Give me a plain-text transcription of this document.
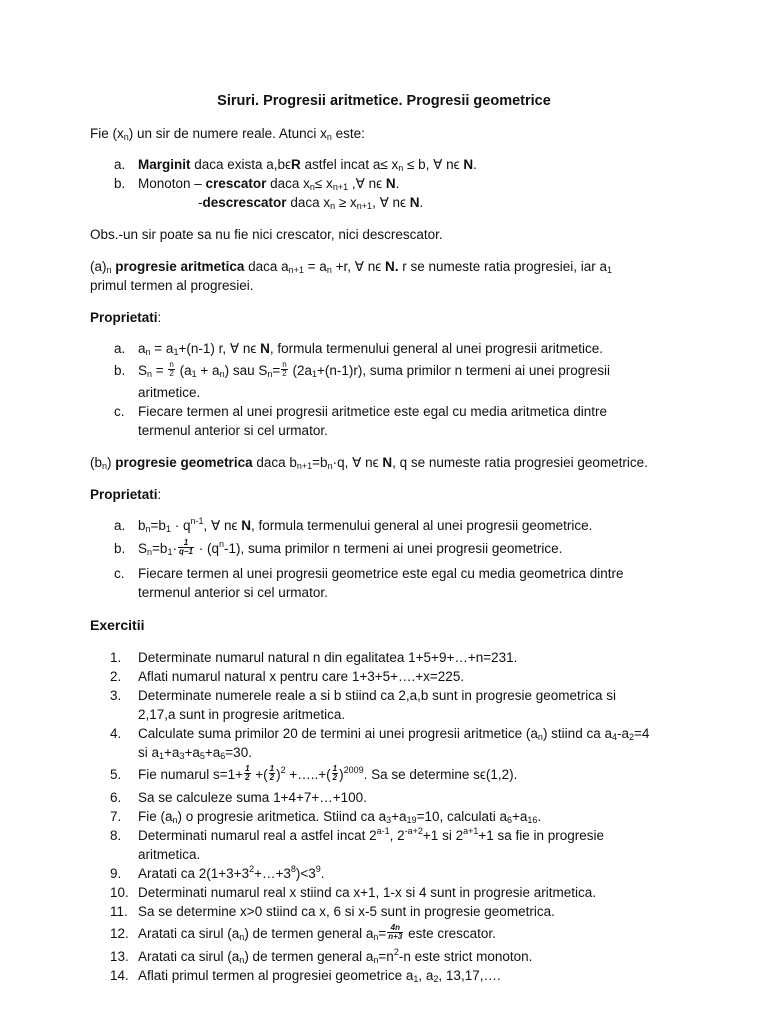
Siruri. Progresii aritmetice. Progresii geometrice
Fie $(x_n)$ un sir de numere reale. Atunci $x_n$ este:
a. Marginit daca exista a,bϵR astfel incat $a\le x_n \le b$, ∀ nϵ N.
b. Monoton – crescator daca $x_n\le x_{n+1}$ ,∀ nϵ N.
-descrescator daca $x_n \ge x_{n+1}$, ∀ nϵ N.
Obs.-un sir poate sa nu fie nici crescator, nici descrescator.
$(a)_n$ progresie aritmetica daca $a_{n+1} = a_n +r$, ∀ nϵ N. r se numeste ratia progresiei, iar $a_1$
primul termen al progresiei.
Proprietati:
a. $a_n = a_1+(n-1)$ r, ∀ nϵ N, formula termenului general al unei progresii aritmetice.
b. $S_n = \frac{n}{2} (a_1 + a_n)$ sau $S_n= \frac{n}{2} (2a_1+(n-1)r)$, suma primilor n termeni ai unei progresii
aritmetice.
c. Fiecare termen al unei progresii aritmetice este egal cu media aritmetica dintre
termenul anterior si cel urmator.
$(b_n)$ progresie geometrica daca $b_{n+1}=b_n\cdot q$, ∀ nϵ N, q se numeste ratia progresiei geometrice.
Proprietati:
a. $b_n=b_1 \cdot q^{n-1}$, ∀ nϵ N, formula termenului general al unei progresii geometrice.
b. $S_n=b_1\cdot \frac{1}{q-1} \cdot (q^n-1)$, suma primilor n termeni ai unei progresii geometrice.
c. Fiecare termen al unei progresii geometrice este egal cu media geometrica dintre
termenul anterior si cel urmator.
Exercitii
1. Determinate numarul natural n din egalitatea 1+5+9+…+n=231.
2. Aflati numarul natural x pentru care 1+3+5+….+x=225.
3. Determinate numerele reale a si b stiind ca 2,a,b sunt in progresie geometrica si
2,17,a sunt in progresie aritmetica.
4. Calculate suma primilor 20 de termini ai unei progresii aritmetice $(a_n)$ stiind ca $a_4-a_2=4$
si $a_1+a_3+a_5+a_6=30$.
5. Fie numarul $s=1+ \frac{1}{2}$ +( $\frac{1}{2} )^2$ +…..+( $\frac{1}{2} )^{2009}$. Sa se determine sϵ(1,2).
6. Sa se calculeze suma 1+4+7+…+100.
7. Fie $(a_n)$ o progresie aritmetica. Stiind ca $a_3+a_{19}=10$, calculati $a_6+a_{16}$.
8. Determinati numarul real a astfel incat 2$^{a-1}$, $2^{-a+2}+1$ si $2^{a+1}+1$ sa fie in progresie
aritmetica.
9. Aratati ca $2(1+3+3^2+\dots+3^8)<3^9$.
10. Determinati numarul real x stiind ca x+1, 1-x si 4 sunt in progresie aritmetica.
11. Sa se determine x>0 stiind ca x, 6 si x-5 sunt in progresie geometrica.
12. Aratati ca sirul $(a_n)$ de termen general $a_n= \frac{4n}{n+3}$ este crescator.
13. Aratati ca sirul $(a_n)$ de termen general $a_n=n^2-n$ este strict monoton.
14. Aflati primul termen al progresiei geometrice $a_1$, $a_2$, 13,17,….
